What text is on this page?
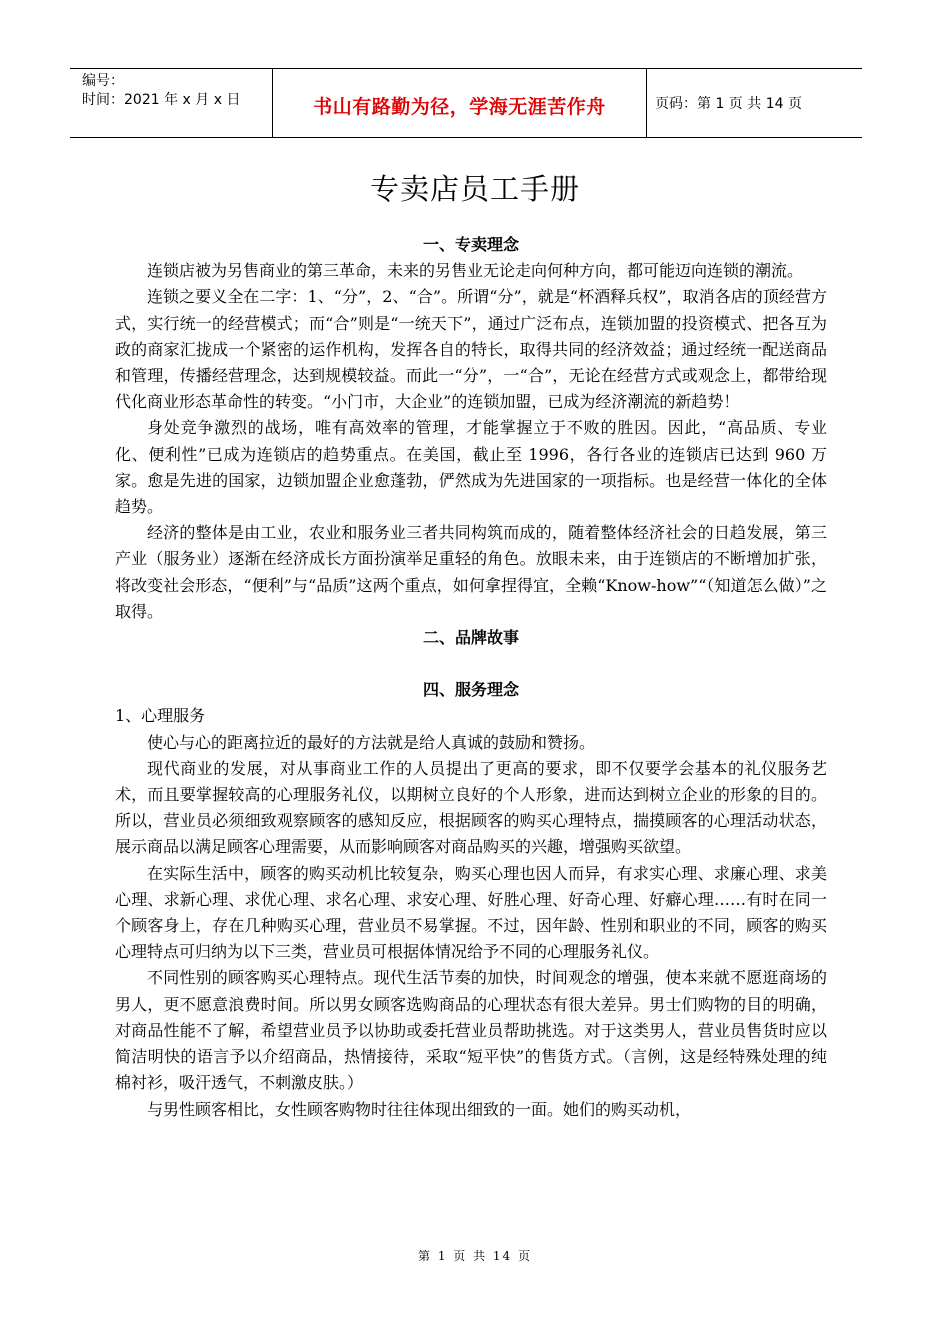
编号：
时间：2021 年 x 月 x 日	书山有路勤为径，学海无涯苦作舟	页码：第 1 页 共 14 页
专卖店员工手册
一、专卖理念

连锁店被为另售商业的第三革命，未来的另售业无论走向何种方向，都可能迈向连锁的潮流。

连锁之要义全在二字：1、“分”，2、“合”。所谓“分”，就是“杯酒释兵权”，取消各店的顶经营方式，实行统一的经营模式；而“合”则是“一统天下”，通过广泛布点，连锁加盟的投资模式、把各互为政的商家汇拢成一个紧密的运作机构，发挥各自的特长，取得共同的经济效益；通过经统一配送商品和管理，传播经营理念，达到规模较益。而此一“分”，一“合”，无论在经营方式或观念上，都带给现代化商业形态革命性的转变。“小门市，大企业”的连锁加盟，已成为经济潮流的新趋势！

身处竞争激烈的战场，唯有高效率的管理，才能掌握立于不败的胜因。因此，“高品质、专业化、便利性”已成为连锁店的趋势重点。在美国，截止至 1996，各行各业的连锁店已达到 960 万家。愈是先进的国家，边锁加盟企业愈蓬勃，俨然成为先进国家的一项指标。也是经营一体化的全体趋势。

经济的整体是由工业，农业和服务业三者共同构筑而成的，随着整体经济社会的日趋发展，第三产业（服务业）逐渐在经济成长方面扮演举足重轻的角色。放眼未来，由于连锁店的不断增加扩张，将改变社会形态，“便利”与“品质”这两个重点，如何拿捏得宜，全赖“Know-how”“（知道怎么做）”之取得。

二、品牌故事
四、服务理念

1、心理服务

使心与心的距离拉近的最好的方法就是给人真诚的鼓励和赞扬。

现代商业的发展，对从事商业工作的人员提出了更高的要求，即不仅要学会基本的礼仪服务艺术，而且要掌握较高的心理服务礼仪，以期树立良好的个人形象，进而达到树立企业的形象的目的。所以，营业员必须细致观察顾客的感知反应，根据顾客的购买心理特点，揣摸顾客的心理活动状态，展示商品以满足顾客心理需要，从而影响顾客对商品购买的兴趣，增强购买欲望。

在实际生活中，顾客的购买动机比较复杂，购买心理也因人而异，有求实心理、求廉心理、求美心理、求新心理、求优心理、求名心理、求安心理、好胜心理、好奇心理、好癖心理……有时在同一个顾客身上，存在几种购买心理，营业员不易掌握。不过，因年龄、性别和职业的不同，顾客的购买心理特点可归纳为以下三类，营业员可根据体情况给予不同的心理服务礼仪。

不同性别的顾客购买心理特点。现代生活节奏的加快，时间观念的增强，使本来就不愿逛商场的男人，更不愿意浪费时间。所以男女顾客选购商品的心理状态有很大差异。男士们购物的目的明确，对商品性能不了解，希望营业员予以协助或委托营业员帮助挑选。对于这类男人，营业员售货时应以简洁明快的语言予以介绍商品，热情接待，采取“短平快”的售货方式。（言例，这是经特殊处理的纯棉衬衫，吸汗透气，不刺激皮肤。）

与男性顾客相比，女性顾客购物时往往体现出细致的一面。她们的购买动机，

第 1 页 共 14 页
